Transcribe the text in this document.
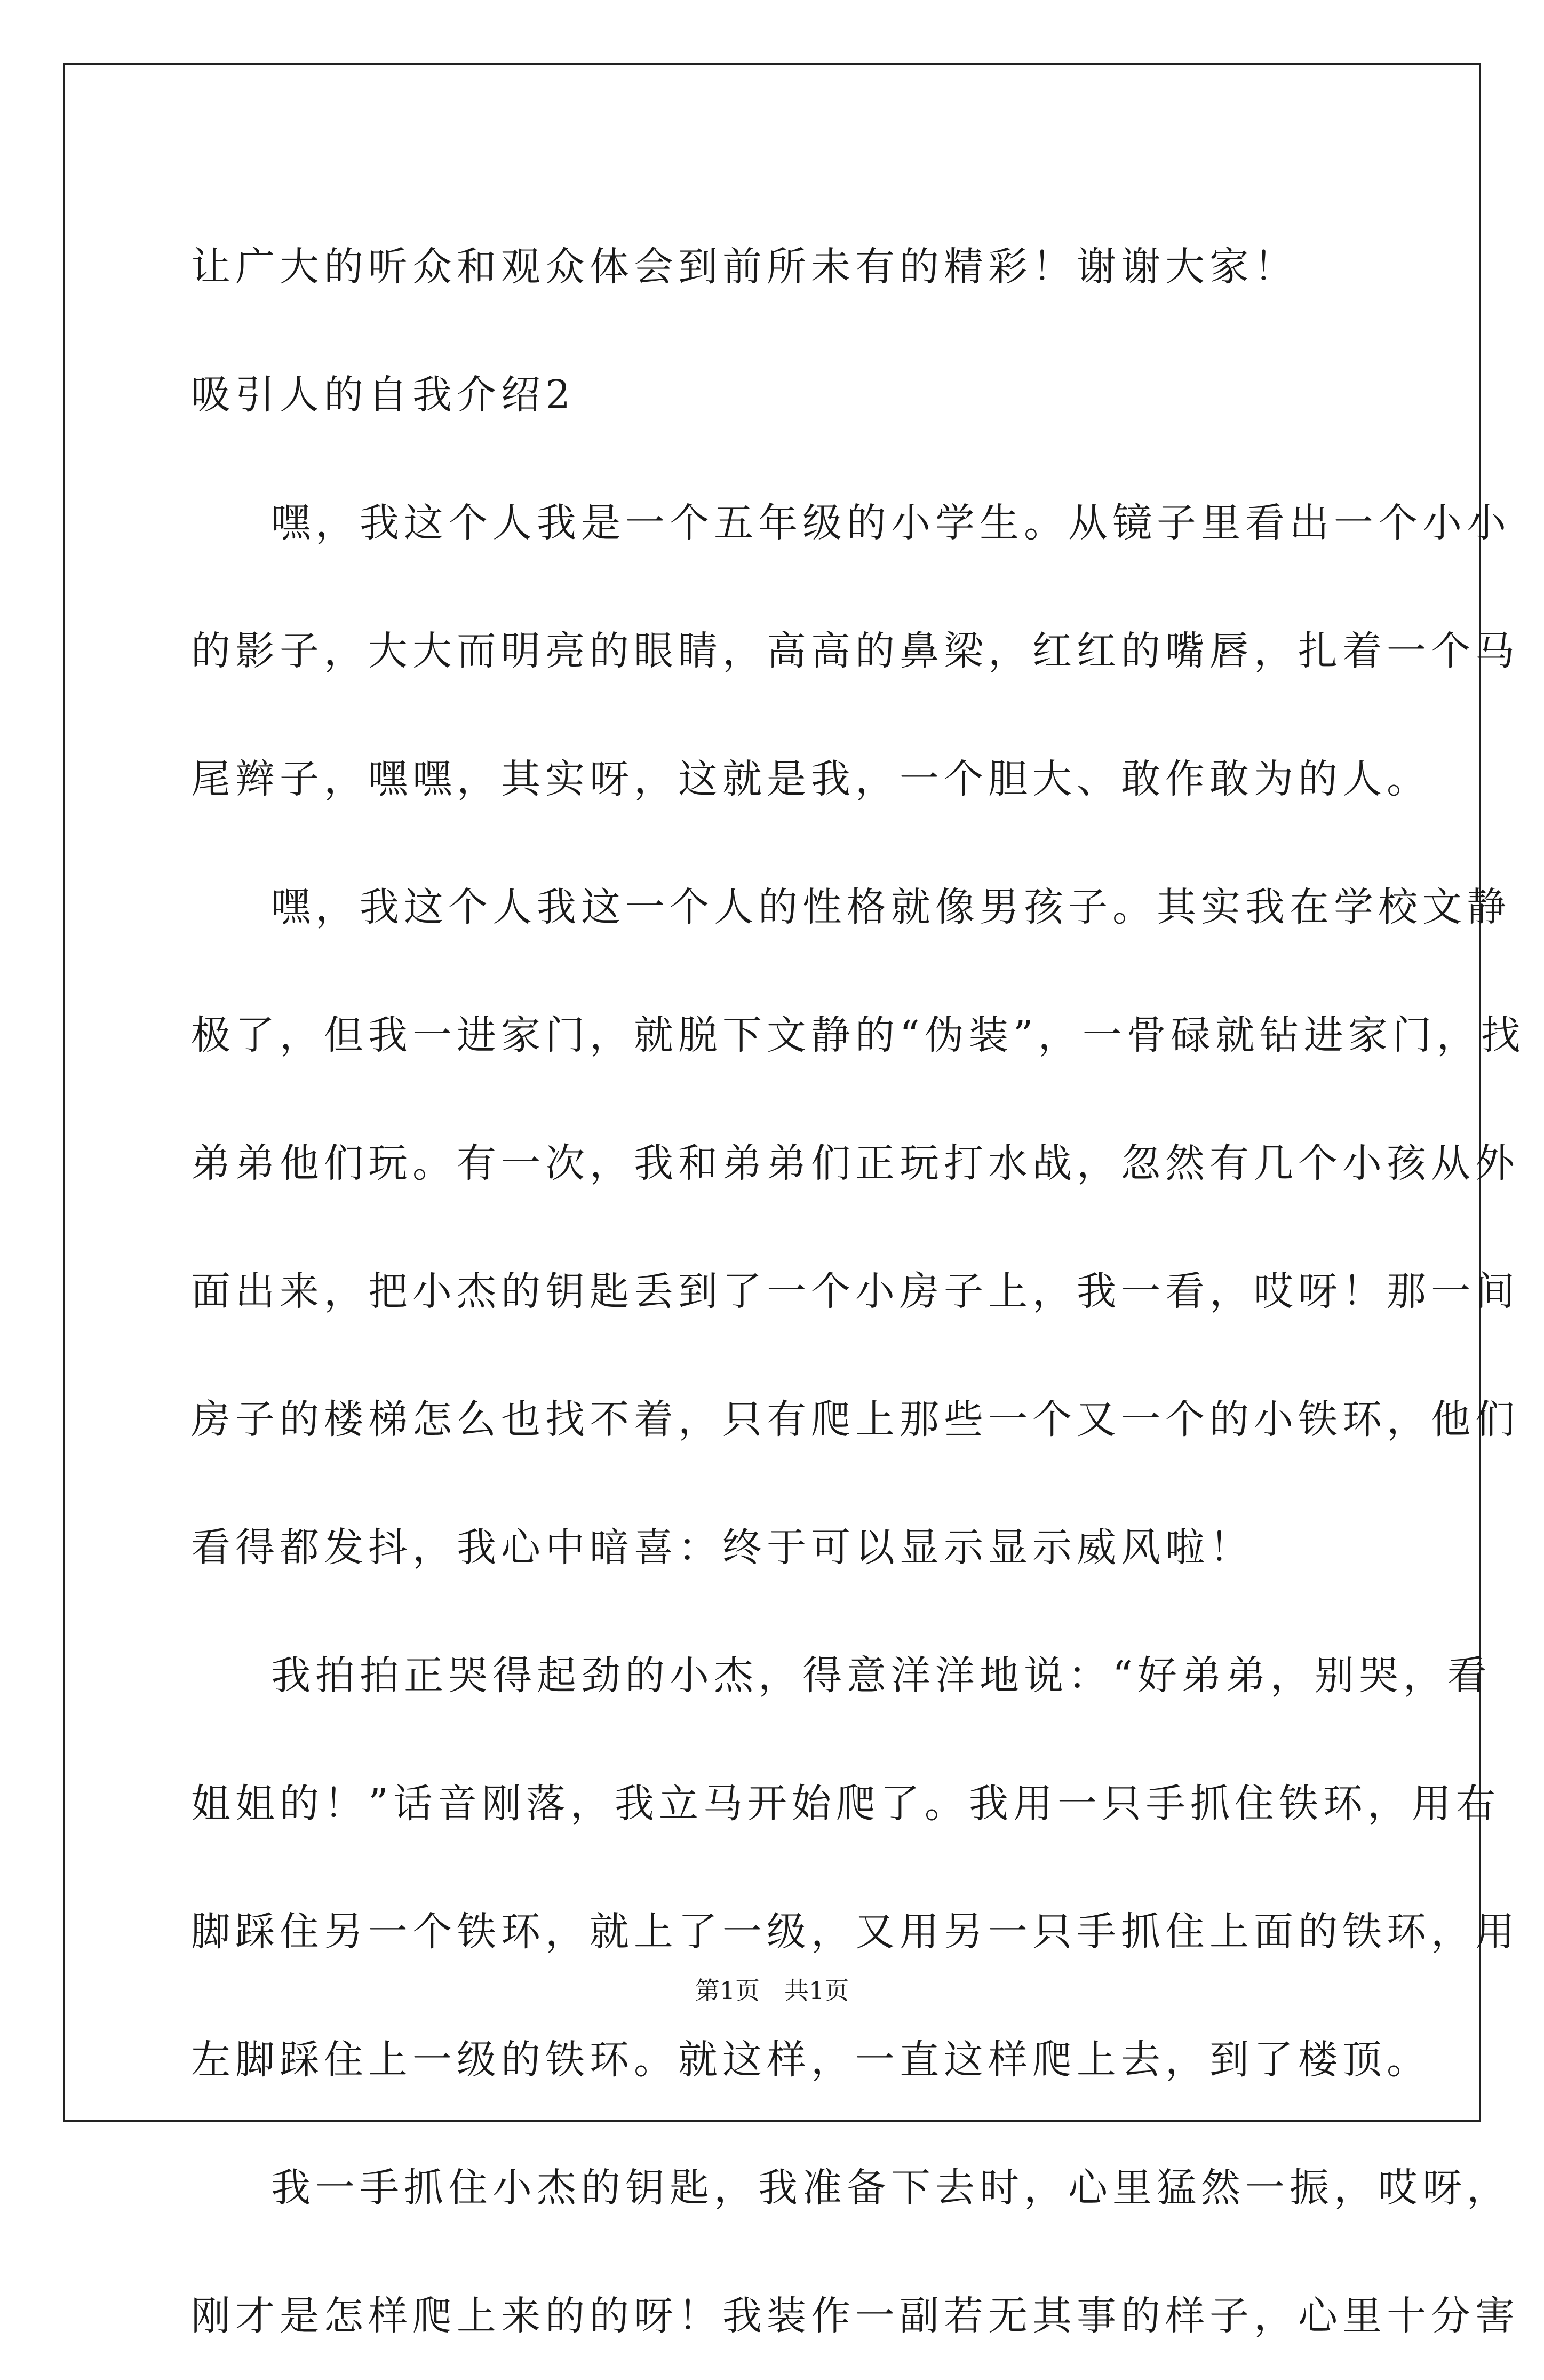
让广大的听众和观众体会到前所未有的精彩！谢谢大家！
吸引人的自我介绍2
嘿，我这个人我是一个五年级的小学生。从镜子里看出一个小小
的影子，大大而明亮的眼睛，高高的鼻梁，红红的嘴唇，扎着一个马
尾辫子，嘿嘿，其实呀，这就是我，一个胆大、敢作敢为的人。
嘿，我这个人我这一个人的性格就像男孩子。其实我在学校文静
极了，但我一进家门，就脱下文静的“伪装”，一骨碌就钻进家门，找
弟弟他们玩。有一次，我和弟弟们正玩打水战，忽然有几个小孩从外
面出来，把小杰的钥匙丢到了一个小房子上，我一看，哎呀！那一间
房子的楼梯怎么也找不着，只有爬上那些一个又一个的小铁环，他们
看得都发抖，我心中暗喜：终于可以显示显示威风啦！
我拍拍正哭得起劲的小杰，得意洋洋地说：“好弟弟，别哭，看
姐姐的！”话音刚落，我立马开始爬了。我用一只手抓住铁环，用右
脚踩住另一个铁环，就上了一级，又用另一只手抓住上面的铁环，用
左脚踩住上一级的铁环。就这样，一直这样爬上去，到了楼顶。
我一手抓住小杰的钥匙，我准备下去时，心里猛然一振，哎呀，
刚才是怎样爬上来的的呀！我装作一副若无其事的样子，心里十分害
第1页　共1页
